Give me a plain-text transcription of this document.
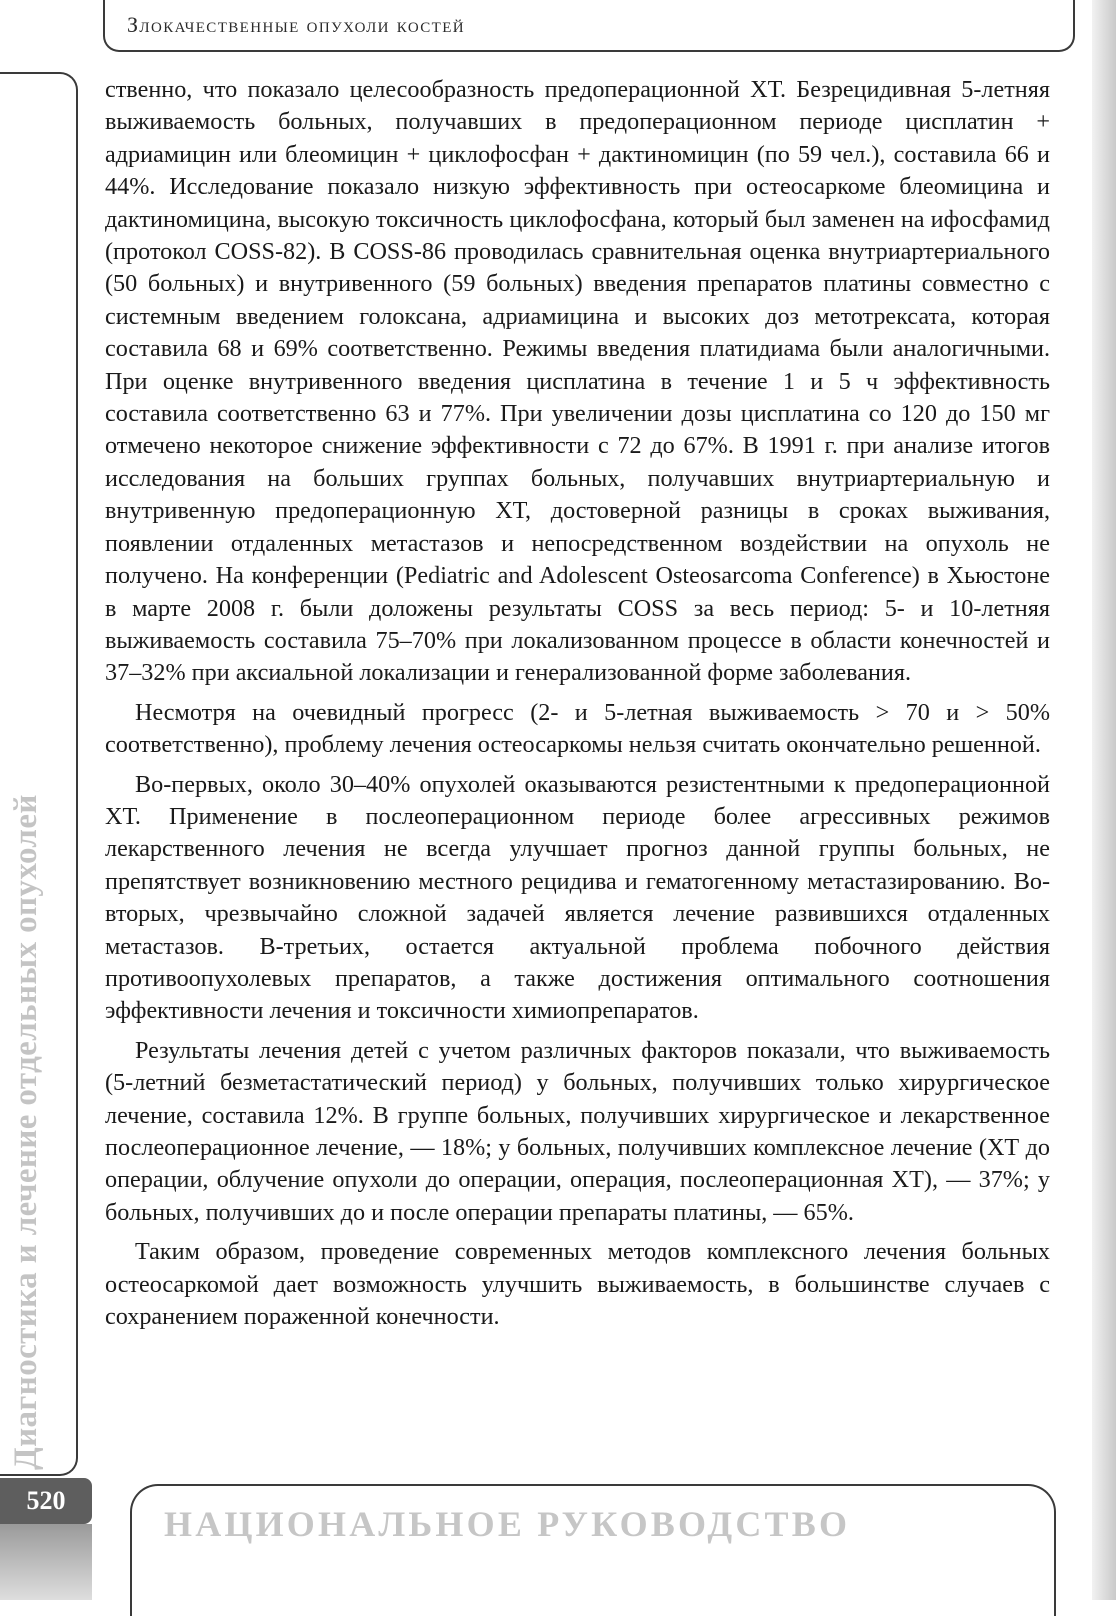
Злокачественные опухоли костей
Диагностика и лечение отдельных опухолей

ственно, что показало целесообразность предоперационной ХТ. Безрецидивная 5-летняя выживаемость больных, получавших в предоперационном периоде цисплатин + адриамицин или блеомицин + циклофосфан + дактиномицин (по 59 чел.), составила 66 и 44%. Исследование показало низкую эффективность при остеосаркоме блеомицина и дактиномицина, высокую токсичность циклофосфана, который был заменен на ифосфамид (протокол COSS-82). В COSS-86 проводилась сравнительная оценка внутриартериального (50 больных) и внутривенного (59 больных) введения препаратов платины совместно с системным введением голоксана, адриамицина и высоких доз метотрексата, которая составила 68 и 69% соответственно. Режимы введения платидиама были аналогичными. При оценке внутривенного введения цисплатина в течение 1 и 5 ч эффективность составила соответственно 63 и 77%. При увеличении дозы цисплатина со 120 до 150 мг отмечено некоторое снижение эффективности с 72 до 67%. В 1991 г. при анализе итогов исследования на больших группах больных, получавших внутриартериальную и внутривенную предоперационную ХТ, достоверной разницы в сроках выживания, появлении отдаленных метастазов и непосредственном воздействии на опухоль не получено. На конференции (Pediatric and Adolescent Osteosarcoma Conference) в Хьюстоне в марте 2008 г. были доложены результаты COSS за весь период: 5- и 10-летняя выживаемость составила 75–70% при локализованном процессе в области конечностей и 37–32% при аксиальной локализации и генерализованной форме заболевания.

Несмотря на очевидный прогресс (2- и 5-летная выживаемость > 70 и > 50% соответственно), проблему лечения остеосаркомы нельзя считать окончательно решенной.

Во-первых, около 30–40% опухолей оказываются резистентными к предоперационной ХТ. Применение в послеоперационном периоде более агрессивных режимов лекарственного лечения не всегда улучшает прогноз данной группы больных, не препятствует возникновению местного рецидива и гематогенному метастазированию. Во-вторых, чрезвычайно сложной задачей является лечение развившихся отдаленных метастазов. В-третьих, остается актуальной проблема побочного действия противоопухолевых препаратов, а также достижения оптимального соотношения эффективности лечения и токсичности химиопрепаратов.

Результаты лечения детей с учетом различных факторов показали, что выживаемость (5-летний безметастатический период) у больных, получивших только хирургическое лечение, составила 12%. В группе больных, получивших хирургическое и лекарственное послеоперационное лечение, — 18%; у больных, получивших комплексное лечение (ХТ до операции, облучение опухоли до операции, операция, послеоперационная ХТ), — 37%; у больных, получивших до и после операции препараты платины, — 65%.

Таким образом, проведение современных методов комплексного лечения больных остеосаркомой дает возможность улучшить выживаемость, в большинстве случаев с сохранением пораженной конечности.

520
НАЦИОНАЛЬНОЕ РУКОВОДСТВО
